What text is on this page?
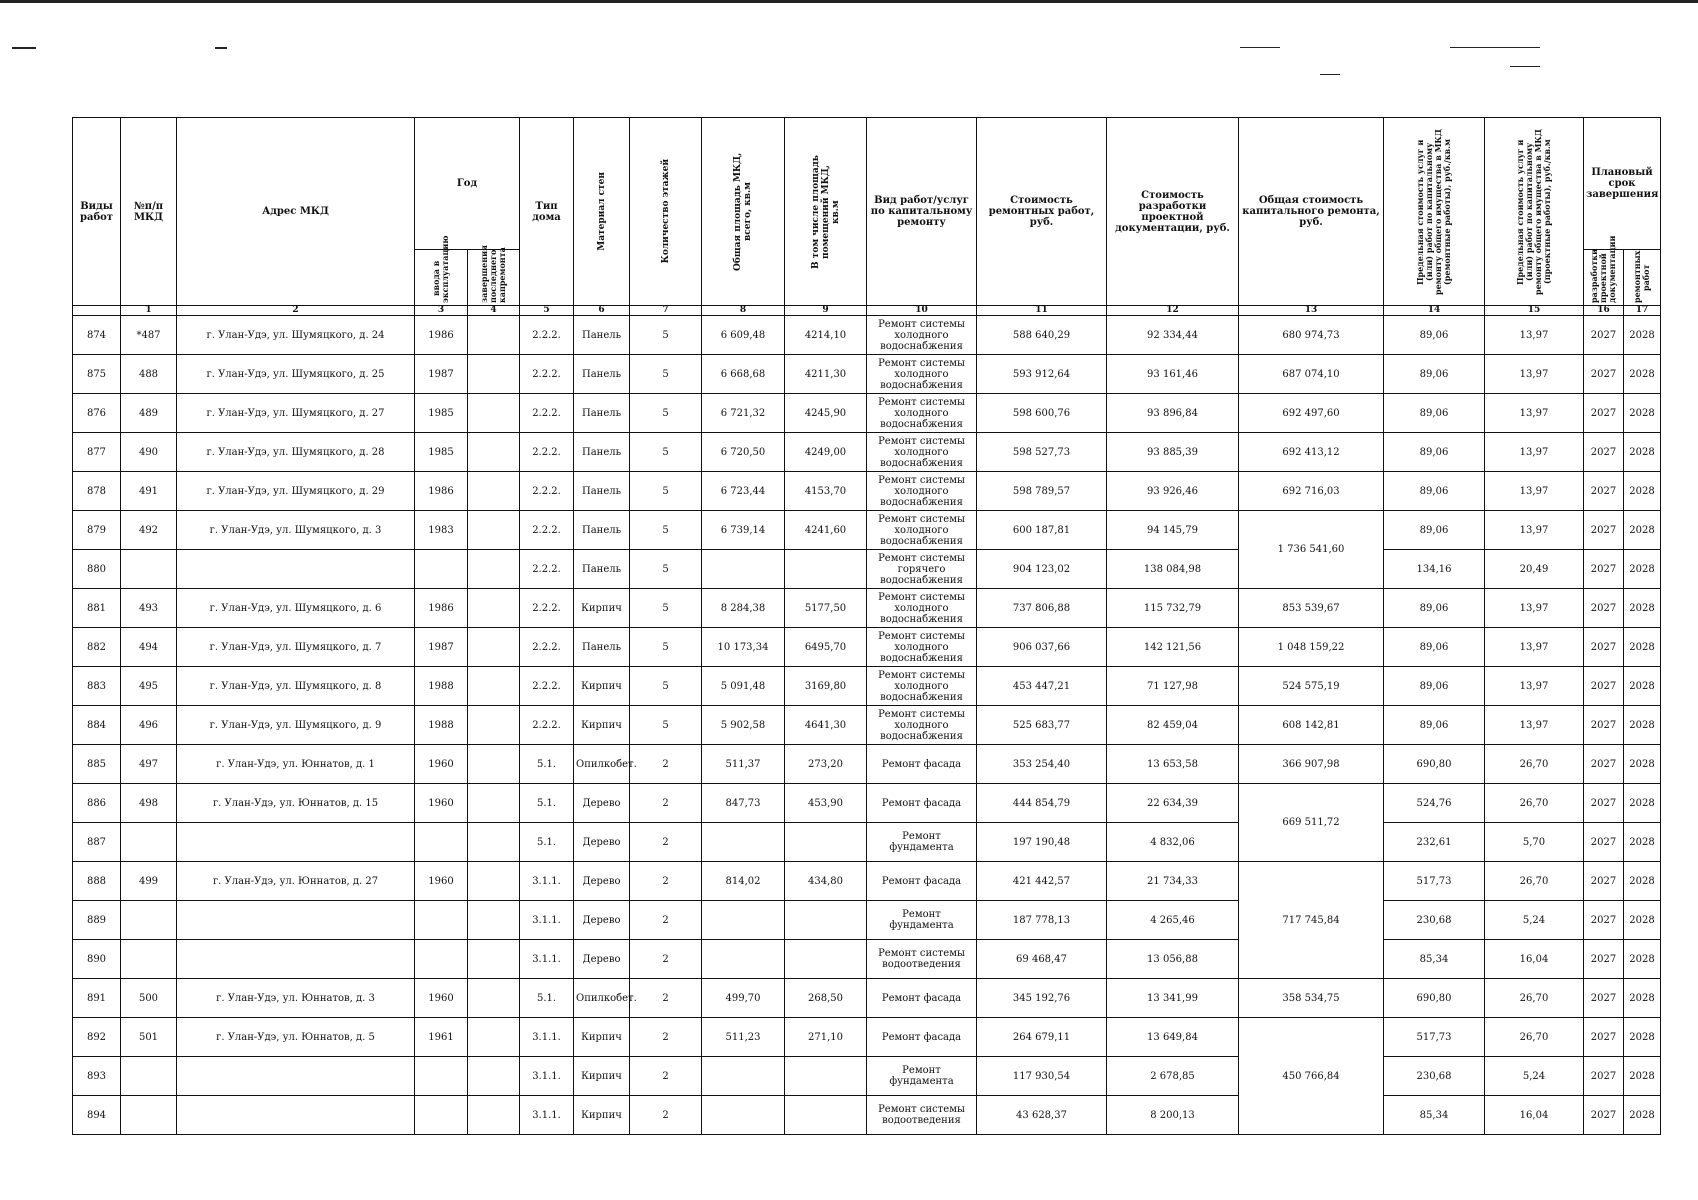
Виды работ	№п/п МКД	Адрес МКД	Год		Тип дома	Материал стен	Количество этажей	Общая площадь МКД, всего, кв.м	В том числе площадь помещений МКД, кв.м	Вид работ/услуг по капитальному ремонту	Стоимость ремонтных работ, руб.	Стоимость разработки проектной документации, руб.	Общая стоимость капитального ремонта, руб.	Предельная стоимость услуг и (или) работ по капитальному ремонту общего имущества в МКД (ремонтные работы), руб./кв.м	Предельная стоимость услуг и (или) работ по капитальному ремонту общего имущества в МКД (проектные работы), руб./кв.м	Плановый срок завершения	

			ввода в эксплуатацию	завершения последнего капремонта												разработки проектной документации	ремонтных работ

	1	2	3	4	5	6	7	8	9	10	11	12	13	14	15	16	17
874	*487	г. Улан-Удэ, ул. Шумяцкого, д. 24	1986		2.2.2.	Панель	5	6 609,48	4214,10	Ремонт системы холодного водоснабжения	588 640,29	92 334,44	680 974,73	89,06	13,97	2027	2028
875	488	г. Улан-Удэ, ул. Шумяцкого, д. 25	1987		2.2.2.	Панель	5	6 668,68	4211,30	Ремонт системы холодного водоснабжения	593 912,64	93 161,46	687 074,10	89,06	13,97	2027	2028
876	489	г. Улан-Удэ, ул. Шумяцкого, д. 27	1985		2.2.2.	Панель	5	6 721,32	4245,90	Ремонт системы холодного водоснабжения	598 600,76	93 896,84	692 497,60	89,06	13,97	2027	2028
877	490	г. Улан-Удэ, ул. Шумяцкого, д. 28	1985		2.2.2.	Панель	5	6 720,50	4249,00	Ремонт системы холодного водоснабжения	598 527,73	93 885,39	692 413,12	89,06	13,97	2027	2028
878	491	г. Улан-Удэ, ул. Шумяцкого, д. 29	1986		2.2.2.	Панель	5	6 723,44	4153,70	Ремонт системы холодного водоснабжения	598 789,57	93 926,46	692 716,03	89,06	13,97	2027	2028
879	492	г. Улан-Удэ, ул. Шумяцкого, д. 3	1983		2.2.2.	Панель	5	6 739,14	4241,60	Ремонт системы холодного водоснабжения	600 187,81	94 145,79	1 736 541,60	89,06	13,97	2027	2028
880					2.2.2.	Панель	5			Ремонт системы горячего водоснабжения	904 123,02	138 084,98		134,16	20,49	2027	2028
881	493	г. Улан-Удэ, ул. Шумяцкого, д. 6	1986		2.2.2.	Кирпич	5	8 284,38	5177,50	Ремонт системы холодного водоснабжения	737 806,88	115 732,79	853 539,67	89,06	13,97	2027	2028
882	494	г. Улан-Удэ, ул. Шумяцкого, д. 7	1987		2.2.2.	Панель	5	10 173,34	6495,70	Ремонт системы холодного водоснабжения	906 037,66	142 121,56	1 048 159,22	89,06	13,97	2027	2028
883	495	г. Улан-Удэ, ул. Шумяцкого, д. 8	1988		2.2.2.	Кирпич	5	5 091,48	3169,80	Ремонт системы холодного водоснабжения	453 447,21	71 127,98	524 575,19	89,06	13,97	2027	2028
884	496	г. Улан-Удэ, ул. Шумяцкого, д. 9	1988		2.2.2.	Кирпич	5	5 902,58	4641,30	Ремонт системы холодного водоснабжения	525 683,77	82 459,04	608 142,81	89,06	13,97	2027	2028
885	497	г. Улан-Удэ, ул. Юннатов, д. 1	1960		5.1.	Опилкобет.	2	511,37	273,20	Ремонт фасада	353 254,40	13 653,58	366 907,98	690,80	26,70	2027	2028
886	498	г. Улан-Удэ, ул. Юннатов, д. 15	1960		5.1.	Дерево	2	847,73	453,90	Ремонт фасада	444 854,79	22 634,39	669 511,72	524,76	26,70	2027	2028
887					5.1.	Дерево	2			Ремонт фундамента	197 190,48	4 832,06		232,61	5,70	2027	2028
888	499	г. Улан-Удэ, ул. Юннатов, д. 27	1960		3.1.1.	Дерево	2	814,02	434,80	Ремонт фасада	421 442,57	21 734,33	717 745,84	517,73	26,70	2027	2028
889					3.1.1.	Дерево	2			Ремонт фундамента	187 778,13	4 265,46		230,68	5,24	2027	2028
890					3.1.1.	Дерево	2			Ремонт системы водоотведения	69 468,47	13 056,88		85,34	16,04	2027	2028
891	500	г. Улан-Удэ, ул. Юннатов, д. 3	1960		5.1.	Опилкобет.	2	499,70	268,50	Ремонт фасада	345 192,76	13 341,99	358 534,75	690,80	26,70	2027	2028
892	501	г. Улан-Удэ, ул. Юннатов, д. 5	1961		3.1.1.	Кирпич	2	511,23	271,10	Ремонт фасада	264 679,11	13 649,84	450 766,84	517,73	26,70	2027	2028
893					3.1.1.	Кирпич	2			Ремонт фундамента	117 930,54	2 678,85		230,68	5,24	2027	2028
894					3.1.1.	Кирпич	2			Ремонт системы водоотведения	43 628,37	8 200,13		85,34	16,04	2027	2028
